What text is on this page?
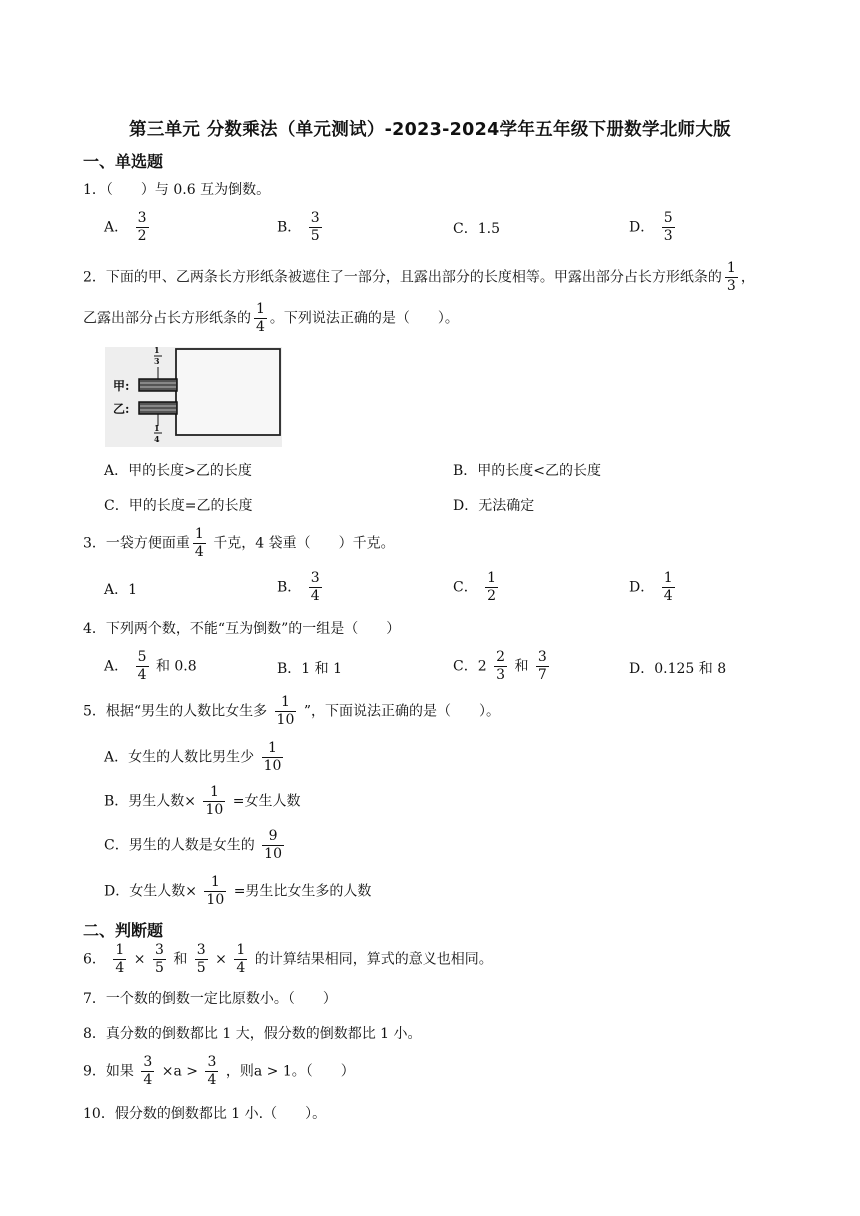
第三单元 分数乘法（单元测试）-2023-2024学年五年级下册数学北师大版
一、单选题
1．（　　）与 0.6 互为倒数。
A． $\frac{3}{2}$	B． $\frac{3}{5}$	C．1.5	D． $\frac{5}{3}$
2．下面的甲、乙两条长方形纸条被遮住了一部分，且露出部分的长度相等。甲露出部分占长方形纸条的 $\frac{1}{3}$ ，
乙露出部分占长方形纸条的 $\frac{1}{4}$ 。下列说法正确的是（　　）。
1
3
甲:
乙:
1
4
A．甲的长度>乙的长度	B．甲的长度<乙的长度
C．甲的长度=乙的长度	D．无法确定
3．一袋方便面重 $\frac{1}{4}$ 千克，4 袋重（　　）千克。
A．1	B． $\frac{3}{4}$	C． $\frac{1}{2}$	D． $\frac{1}{4}$
4．下列两个数，不能“互为倒数”的一组是（　　）
A． $\frac{5}{4}$ 和 0.8	B．1 和 1	C．$2 \frac{2}{3}$ 和 $\frac{3}{7}$	D．0.125 和 8
5．根据“男生的人数比女生多 $\frac{1}{10}$ ”，下面说法正确的是（　　）。
A．女生的人数比男生少 $\frac{1}{10}$
B．男生人数× $\frac{1}{10}$ =女生人数
C．男生的人数是女生的 $\frac{9}{10}$
D．女生人数× $\frac{1}{10}$ =男生比女生多的人数
二、判断题
6． $\frac{1}{4} \times \frac{3}{5}$ 和 $\frac{3}{5} \times \frac{1}{4}$ 的计算结果相同，算式的意义也相同。
7．一个数的倒数一定比原数小。（　　）
8．真分数的倒数都比 1 大，假分数的倒数都比 1 小。
9．如果 $\frac{3}{4} \times a > \frac{3}{4}$ ，则a > 1。（　　）
10．假分数的倒数都比 1 小.（　　）。
